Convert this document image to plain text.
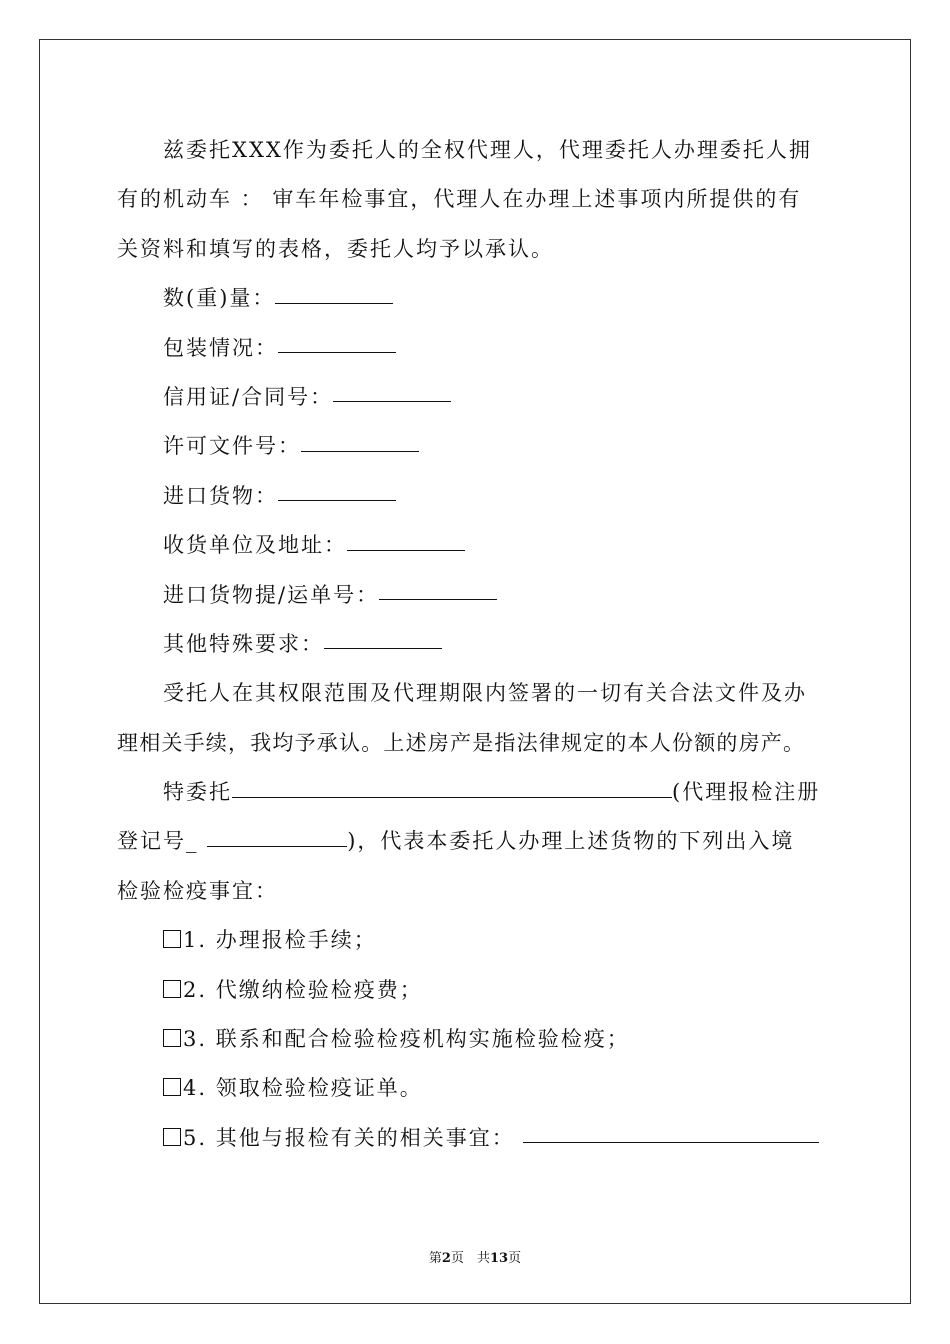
兹委托XXX作为委托人的全权代理人，代理委托人办理委托人拥
有的机动车 ： 审车年检事宜，代理人在办理上述事项内所提供的有
关资料和填写的表格，委托人均予以承认。
数(重)量：
包装情况：
信用证/合同号：
许可文件号：
进口货物：
收货单位及地址：
进口货物提/运单号：
其他特殊要求：
受托人在其权限范围及代理期限内签署的一切有关合法文件及办
理相关手续，我均予承认。上述房产是指法律规定的本人份额的房产。
特委托	(代理报检注册
登记号_	)，代表本委托人办理上述货物的下列出入境
检验检疫事宜：
1. 办理报检手续；
2. 代缴纳检验检疫费；
3. 联系和配合检验检疫机构实施检验检疫；
4. 领取检验检疫证单。
5. 其他与报检有关的相关事宜：
第2页　共13页
